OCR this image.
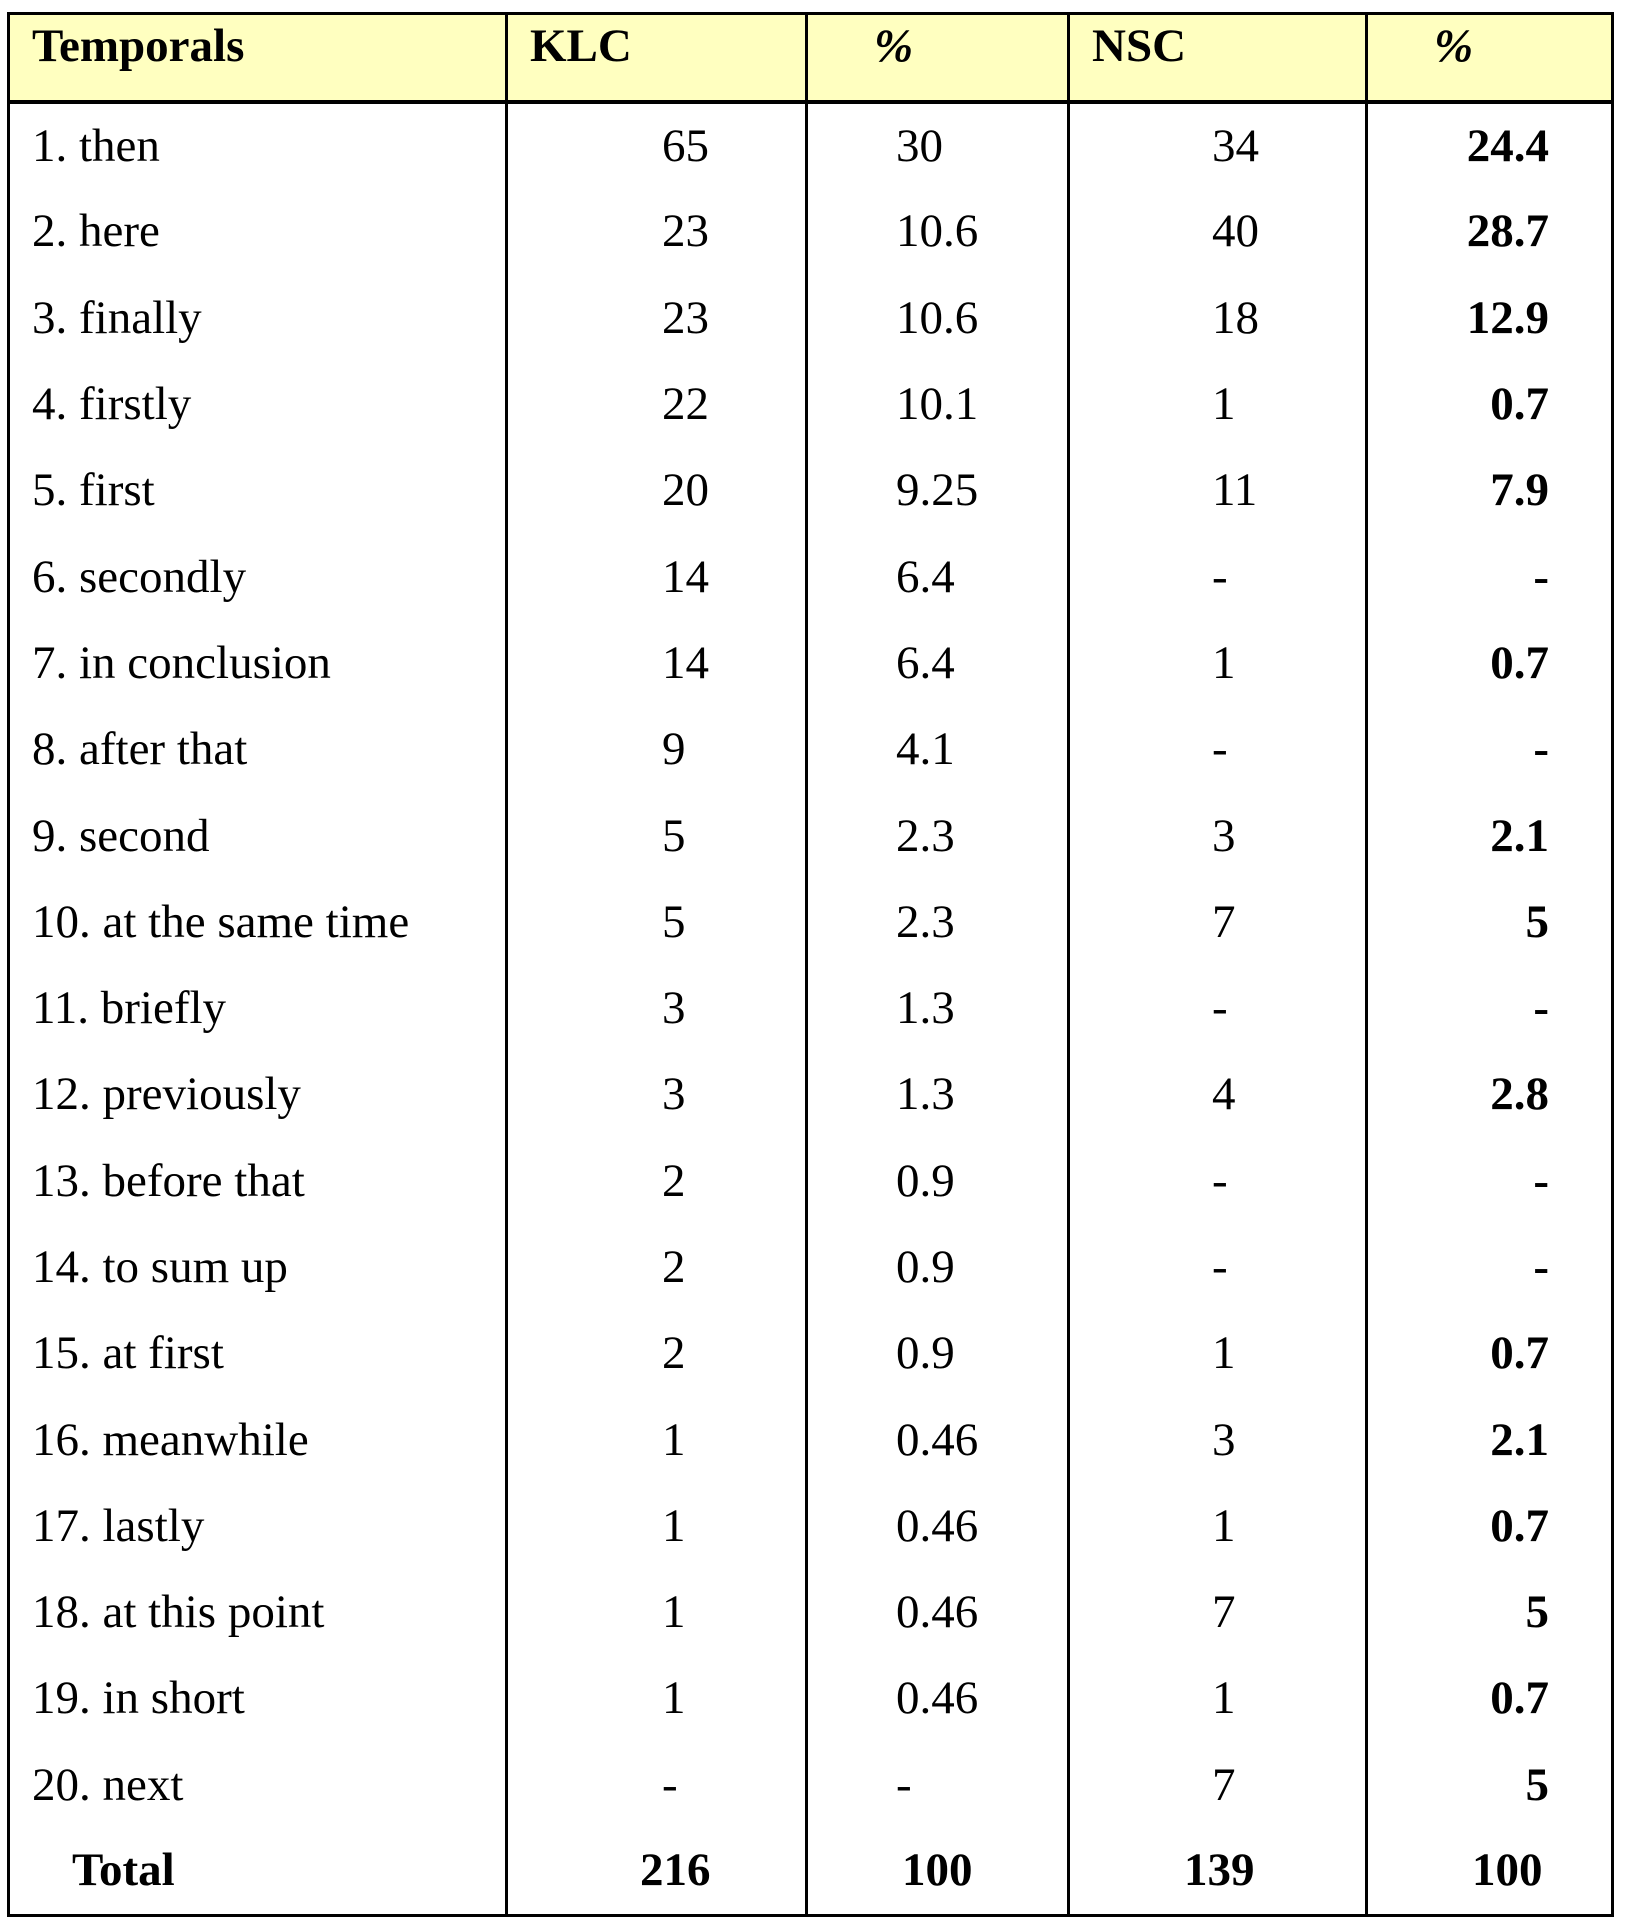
Temporals	KLC	%	NSC	%
1. then	65	30	34	24.4
2. here	23	10.6	40	28.7
3. finally	23	10.6	18	12.9
4. firstly	22	10.1	1	0.7
5. first	20	9.25	11	7.9
6. secondly	14	6.4	-	-
7. in conclusion	14	6.4	1	0.7
8. after that	9	4.1	-	-
9. second	5	2.3	3	2.1
10. at the same time	5	2.3	7	5
11. briefly	3	1.3	-	-
12. previously	3	1.3	4	2.8
13. before that	2	0.9	-	-
14. to sum up	2	0.9	-	-
15. at first	2	0.9	1	0.7
16. meanwhile	1	0.46	3	2.1
17. lastly	1	0.46	1	0.7
18. at this point	1	0.46	7	5
19. in short	1	0.46	1	0.7
20. next	-	-	7	5
Total	216	100	139	100
